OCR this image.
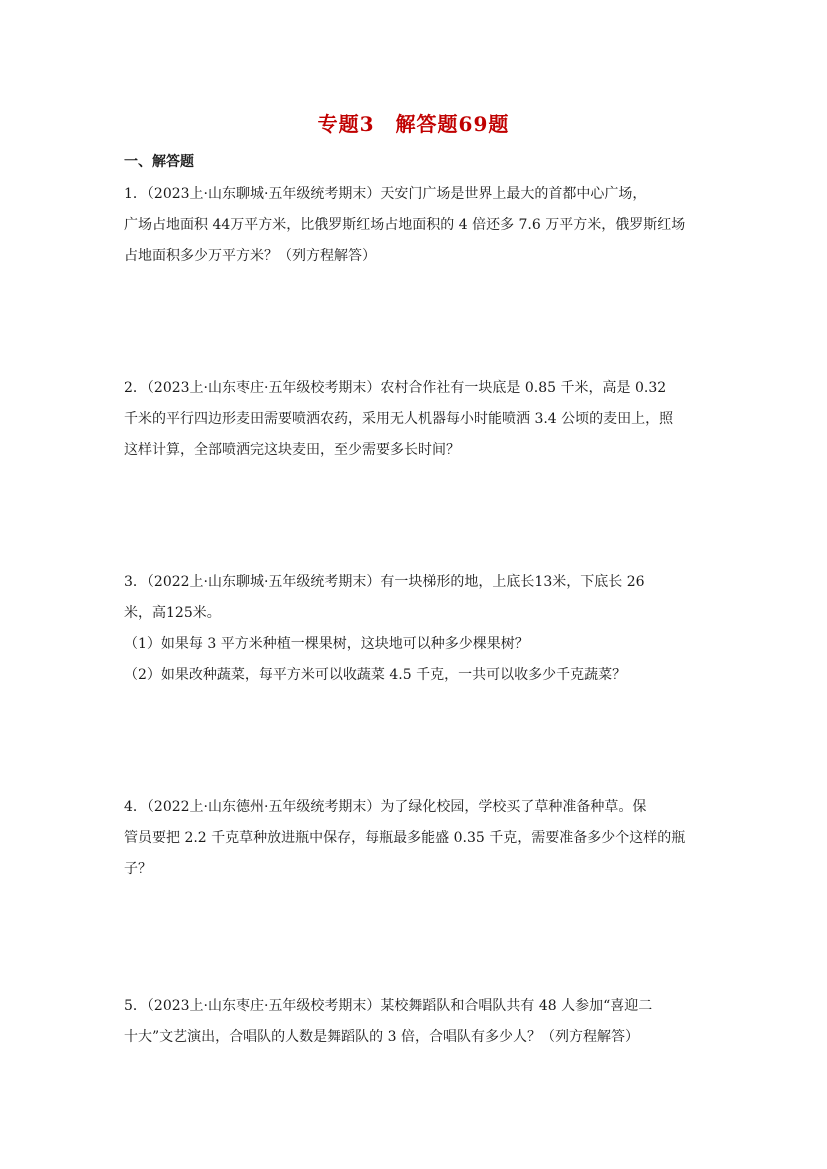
专题3　解答题69题
一、解答题

1．（2023上·山东聊城·五年级统考期末）天安门广场是世界上最大的首都中心广场，

广场占地面积 44万平方米，比俄罗斯红场占地面积的 4 倍还多 7.6 万平方米，俄罗斯红场

占地面积多少万平方米？（列方程解答）

2．（2023上·山东枣庄·五年级校考期末）农村合作社有一块底是 0.85 千米，高是 0.32

千米的平行四边形麦田需要喷洒农药，采用无人机器每小时能喷洒 3.4 公顷的麦田上，照

这样计算，全部喷洒完这块麦田，至少需要多长时间？

3．（2022上·山东聊城·五年级统考期末）有一块梯形的地，上底长13米，下底长 26

米，高125米。

（1）如果每 3 平方米种植一棵果树，这块地可以种多少棵果树？

（2）如果改种蔬菜，每平方米可以收蔬菜 4.5 千克，一共可以收多少千克蔬菜？

4．（2022上·山东德州·五年级统考期末）为了绿化校园，学校买了草种准备种草。保

管员要把 2.2 千克草种放进瓶中保存，每瓶最多能盛 0.35 千克，需要准备多少个这样的瓶

子？

5．（2023上·山东枣庄·五年级校考期末）某校舞蹈队和合唱队共有 48 人参加“喜迎二

十大”文艺演出，合唱队的人数是舞蹈队的 3 倍，合唱队有多少人？（列方程解答）
